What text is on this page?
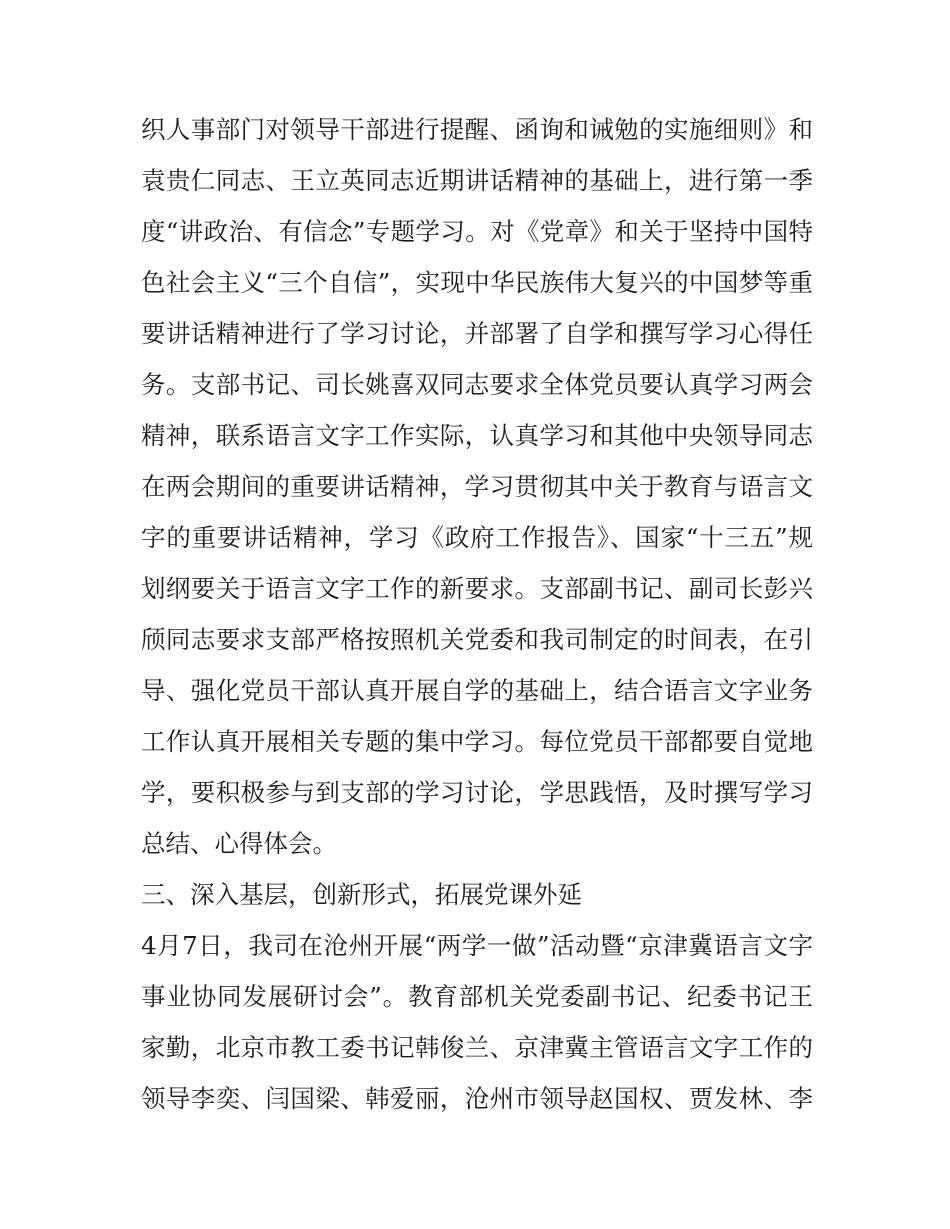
织人事部门对领导干部进行提醒、函询和诫勉的实施细则》和
袁贵仁同志、王立英同志近期讲话精神的基础上，进行第一季
度“讲政治、有信念”专题学习。对《党章》和关于坚持中国特
色社会主义“三个自信”，实现中华民族伟大复兴的中国梦等重
要讲话精神进行了学习讨论，并部署了自学和撰写学习心得任
务。支部书记、司长姚喜双同志要求全体党员要认真学习两会
精神，联系语言文字工作实际，认真学习和其他中央领导同志
在两会期间的重要讲话精神，学习贯彻其中关于教育与语言文
字的重要讲话精神，学习《政府工作报告》、国家“十三五”规
划纲要关于语言文字工作的新要求。支部副书记、副司长彭兴
颀同志要求支部严格按照机关党委和我司制定的时间表，在引
导、强化党员干部认真开展自学的基础上，结合语言文字业务
工作认真开展相关专题的集中学习。每位党员干部都要自觉地
学，要积极参与到支部的学习讨论，学思践悟，及时撰写学习
总结、心得体会。
三、深入基层，创新形式，拓展党课外延
4月7日，我司在沧州开展“两学一做”活动暨“京津冀语言文字
事业协同发展研讨会”。教育部机关党委副书记、纪委书记王
家勤，北京市教工委书记韩俊兰、京津冀主管语言文字工作的
领导李奕、闫国梁、韩爱丽，沧州市领导赵国权、贾发林、李
